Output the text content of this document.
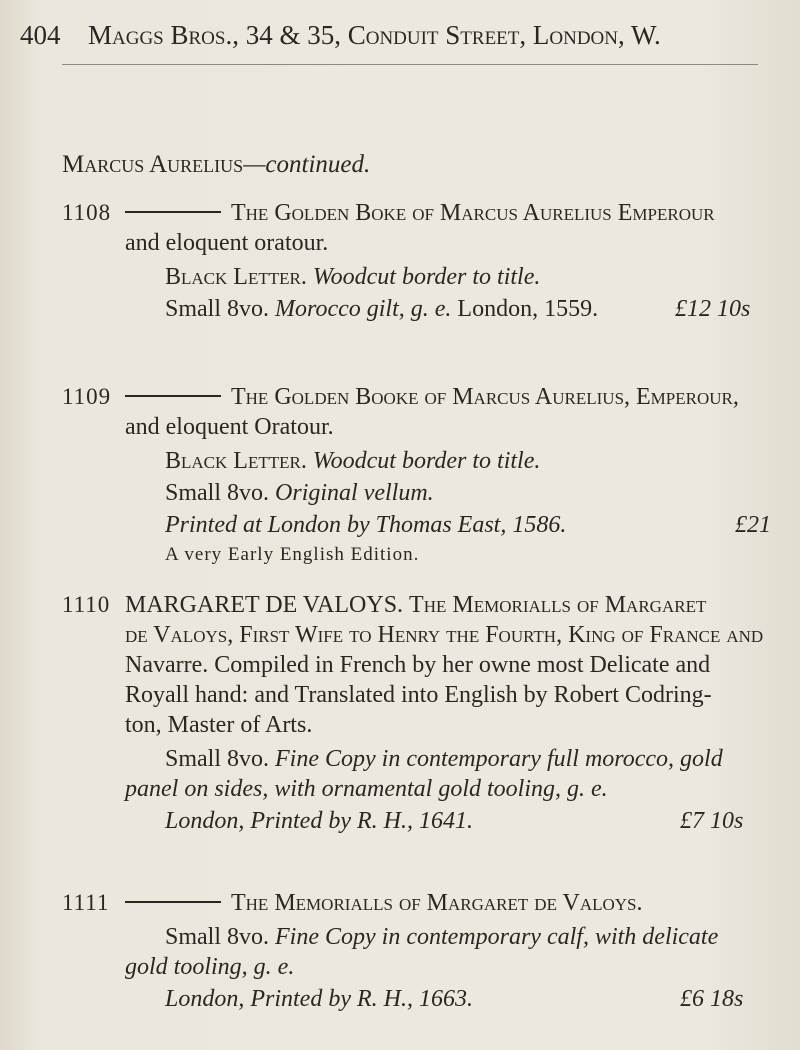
404 Maggs Bros., 34 & 35, Conduit Street, London, W.
Marcus Aurelius—continued.
1108	The Golden Boke of Marcus Aurelius Emperour
and eloquent oratour.
Black Letter. Woodcut border to title.
Small 8vo. Morocco gilt, g. e. London, 1559.	£12 10s
1109	The Golden Booke of Marcus Aurelius, Emperour,
and eloquent Oratour.
Black Letter. Woodcut border to title.
Small 8vo. Original vellum.
Printed at London by Thomas East, 1586.	£21
A very Early English Edition.
1110 MARGARET DE VALOYS. The Memorialls of Margaret
de Valoys, First Wife to Henry the Fourth, King of France and
Navarre. Compiled in French by her owne most Delicate and
Royall hand: and Translated into English by Robert Codring-
ton, Master of Arts.
Small 8vo. Fine Copy in contemporary full morocco, gold
panel on sides, with ornamental gold tooling, g. e.
London, Printed by R. H., 1641.	£7 10s
1111	The Memorialls of Margaret de Valoys.
Small 8vo. Fine Copy in contemporary calf, with delicate
gold tooling, g. e.
London, Printed by R. H., 1663.	£6 18s
